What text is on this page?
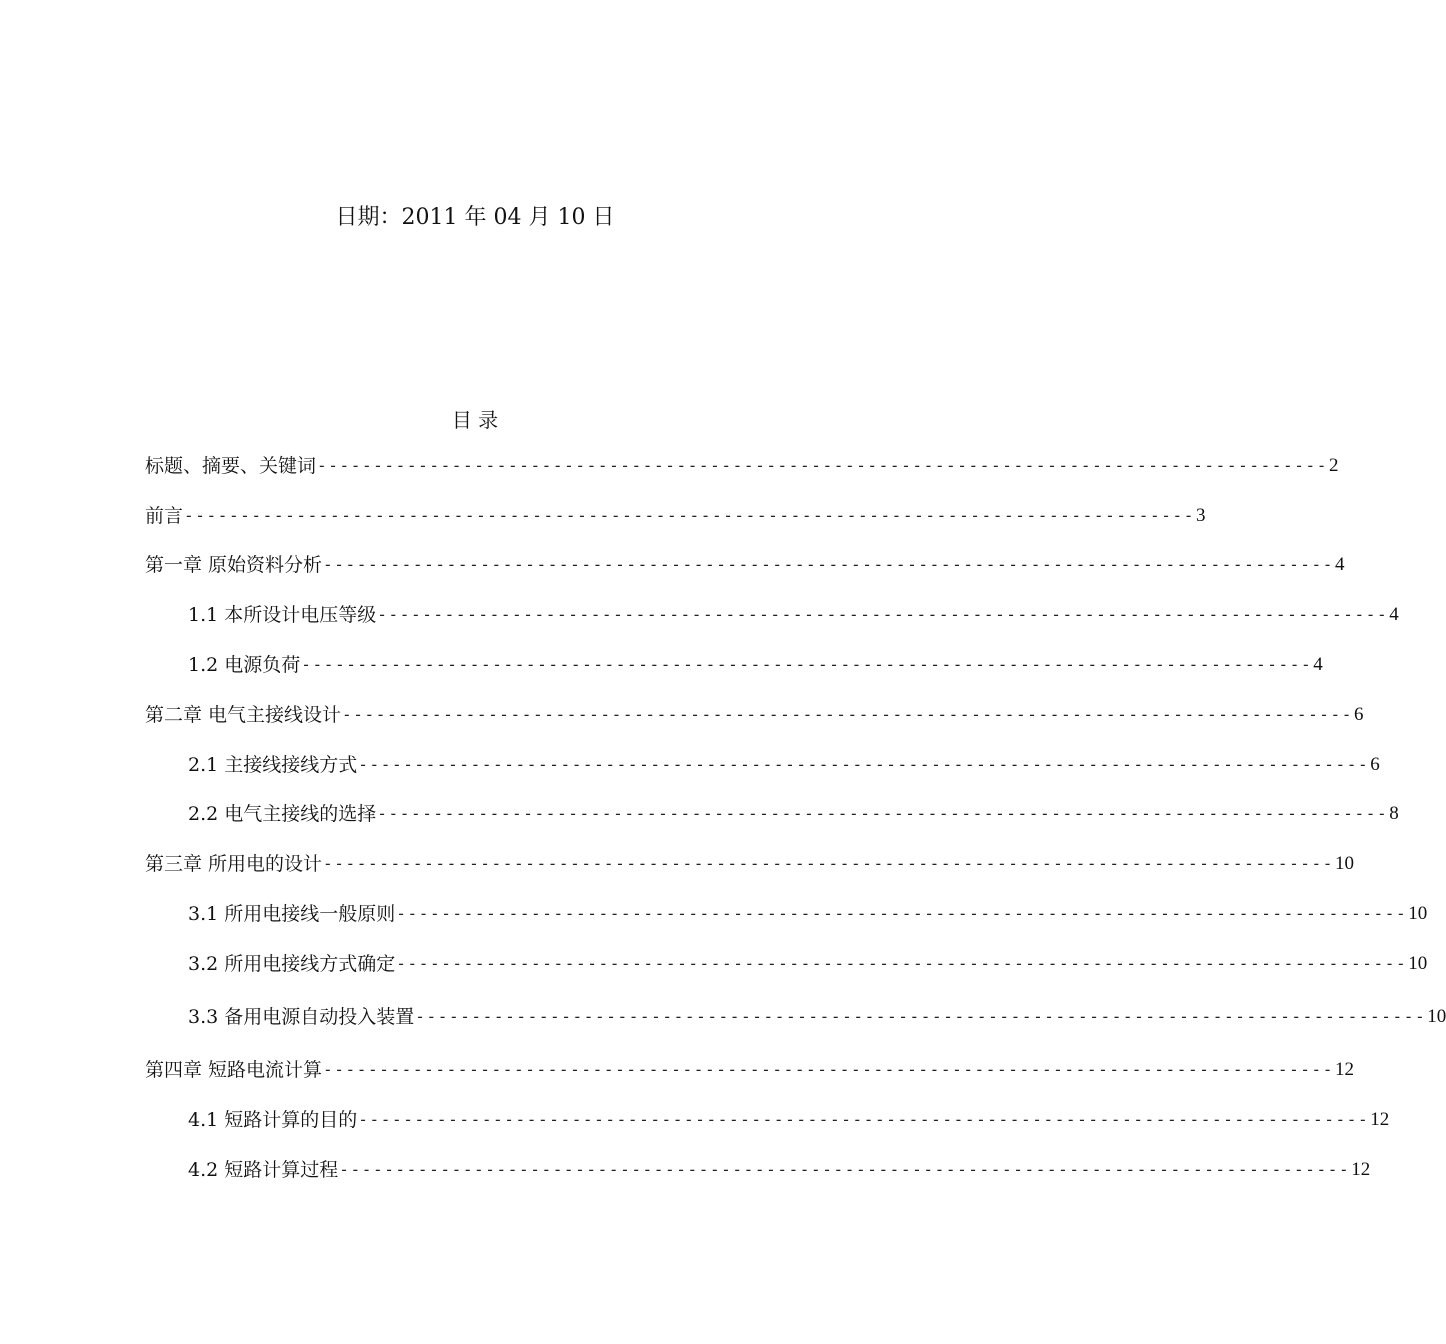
日期：2011 年 04 月 10 日
目 录
标题、摘要、关键词 ------------------------------------------------------------------------------------------ 2
前言 ------------------------------------------------------------------------------------------ 3
第一章 原始资料分析 ------------------------------------------------------------------------------------------ 4
1.1 本所设计电压等级 ------------------------------------------------------------------------------------------ 4
1.2 电源负荷 ------------------------------------------------------------------------------------------ 4
第二章 电气主接线设计 ------------------------------------------------------------------------------------------ 6
2.1 主接线接线方式 ------------------------------------------------------------------------------------------ 6
2.2 电气主接线的选择 ------------------------------------------------------------------------------------------ 8
第三章 所用电的设计 ------------------------------------------------------------------------------------------ 10
3.1 所用电接线一般原则 ------------------------------------------------------------------------------------------ 10
3.2 所用电接线方式确定 ------------------------------------------------------------------------------------------ 10
3.3 备用电源自动投入装置 ------------------------------------------------------------------------------------------ 10
第四章 短路电流计算 ------------------------------------------------------------------------------------------ 12
4.1 短路计算的目的 ------------------------------------------------------------------------------------------ 12
4.2 短路计算过程 ------------------------------------------------------------------------------------------ 12
